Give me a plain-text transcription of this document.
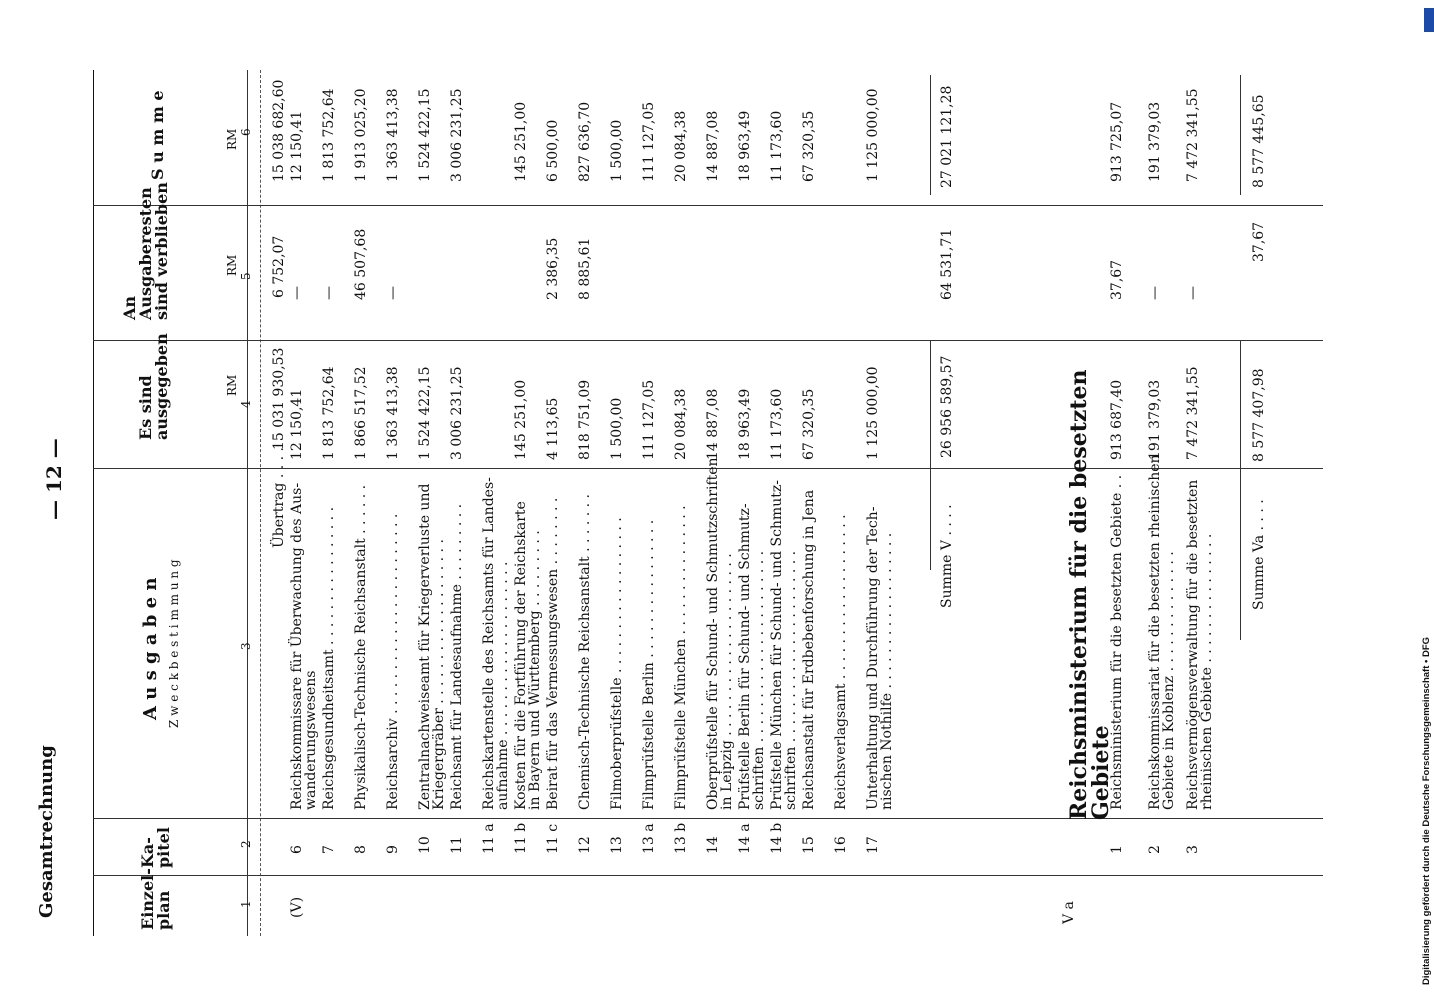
Gesamtrechnung
— 12 —
Digitalisierung gefördert durch die Deutsche Forschungsgemeinschaft • DFG
Einzel-
plan
Ka-
pitel
A u s g a b e n Z w e c k b e s t i m m u n g
Es sind
ausgegeben
An
Ausgaberesten
sind verblieben
S u m m e
RM
RM
RM
1
2
3
4
5
6
(V)
Übertrag . . . .
15 031 930,53
6 752,07
15 038 682,60
6
Reichskommissare für Überwachung des Aus-
wanderungswesens
12 150,41
—
12 150,41
7
Reichsgesundheitsamt . . . . . . . . . . . . . . . .
1 813 752,64
—
1 813 752,64
8
Physikalisch-Technische Reichsanstalt . . . . . .
1 866 517,52
46 507,68
1 913 025,20
9
Reichsarchiv . . . . . . . . . . . . . . . . . . . . . . .
1 363 413,38
—
1 363 413,38
10
Zentralnachweiseamt für Kriegerverluste und
Kriegergräber . . . . . . . . . . . . . . . . . . .
1 524 422,15
1 524 422,15
11
Reichsamt für Landesaufnahme . . . . . . . . .
3 006 231,25
3 006 231,25
11 a
Reichskartenstelle des Reichsamts für Landes-
aufnahme . . . . . . . . . . . . . . . . . . . .
11 b
Kosten für die Fortführung der Reichskarte
in Bayern und Württemberg . . . . . . . . .
145 251,00
145 251,00
11 c
Beirat für das Vermessungswesen . . . . . . . .
4 113,65
2 386,35
6 500,00
12
Chemisch-Technische Reichsanstalt . . . . . . .
818 751,09
8 885,61
827 636,70
13
Filmoberprüfstelle . . . . . . . . . . . . . . . . . .
1 500,00
1 500,00
13 a
Filmprüfstelle Berlin . . . . . . . . . . . . . . . .
111 127,05
111 127,05
13 b
Filmprüfstelle München . . . . . . . . . . . . . . .
20 084,38
20 084,38
14
Oberprüfstelle für Schund- und Schmutzschriften
in Leipzig . . . . . . . . . . . . . . . . . . . . .
14 887,08
14 887,08
14 a
Prüfstelle Berlin für Schund- und Schmutz-
schriften . . . . . . . . . . . . . . . . . . . . . .
18 963,49
18 963,49
14 b
Prüfstelle München für Schund- und Schmutz-
schriften . . . . . . . . . . . . . . . . . . . . . .
11 173,60
11 173,60
15
Reichsanstalt für Erdbebenforschung in Jena
67 320,35
67 320,35
16
Reichsverlagsamt . . . . . . . . . . . . . . . . . . .
17
Unterhaltung und Durchführung der Tech-
nischen Nothilfe . . . . . . . . . . . . . . . . . .
1 125 000,00
1 125 000,00
Summe V . . . .
26 956 589,57
64 531,71
27 021 121,28
V a
Reichsministerium für die besetzten
Gebiete
1
Reichsministerium für die besetzten Gebiete . .
913 687,40
37,67
913 725,07
2
Reichskommissariat für die besetzten rheinischen
Gebiete in Koblenz . . . . . . . . . . . . . .
191 379,03
—
191 379,03
3
Reichsvermögensverwaltung für die besetzten
rheinischen Gebiete . . . . . . . . . . . . . . .
7 472 341,55
—
7 472 341,55
Summe Va . . . .
8 577 407,98
37,67
8 577 445,65
